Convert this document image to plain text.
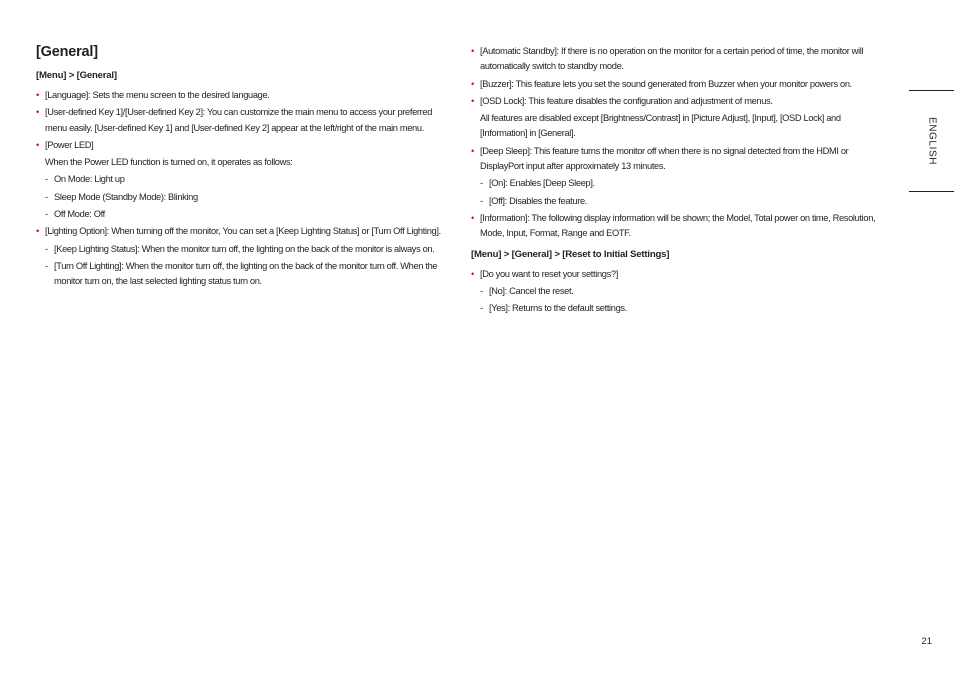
[General]
[Menu] > [General]
• [Language]: Sets the menu screen to the desired language.
• [User-defined Key 1]/[User-defined Key 2]: You can customize the main menu to access your preferred menu easily. [User-defined Key 1] and [User-defined Key 2] appear at the left/right of the main menu.
• [Power LED]
When the Power LED function is turned on, it operates as follows:
- On Mode: Light up
- Sleep Mode (Standby Mode): Blinking
- Off Mode: Off
• [Lighting Option]: When turning off the monitor, You can set a [Keep Lighting Status] or [Turn Off Lighting].
- [Keep Lighting Status]: When the monitor turn off, the lighting on the back of the monitor is always on.
- [Turn Off Lighting]: When the monitor turn off, the lighting on the back of the monitor turn off. When the monitor turn on, the last selected lighting status turn on.
• [Automatic Standby]: If there is no operation on the monitor for a certain period of time, the monitor will automatically switch to standby mode.
• [Buzzer]: This feature lets you set the sound generated from Buzzer when your monitor powers on.
• [OSD Lock]: This feature disables the configuration and adjustment of menus.
All features are disabled except [Brightness/Contrast] in [Picture Adjust], [Input], [OSD Lock] and [Information] in [General].
• [Deep Sleep]: This feature turns the monitor off when there is no signal detected from the HDMI or DisplayPort input after approximately 13 minutes.
- [On]: Enables [Deep Sleep].
- [Off]: Disables the feature.
• [Information]: The following display information will be shown; the Model, Total power on time, Resolution, Mode, Input, Format, Range and EOTF.
[Menu] > [General] > [Reset to Initial Settings]
• [Do you want to reset your settings?]
- [No]: Cancel the reset.
- [Yes]: Returns to the default settings.
ENGLISH
21
